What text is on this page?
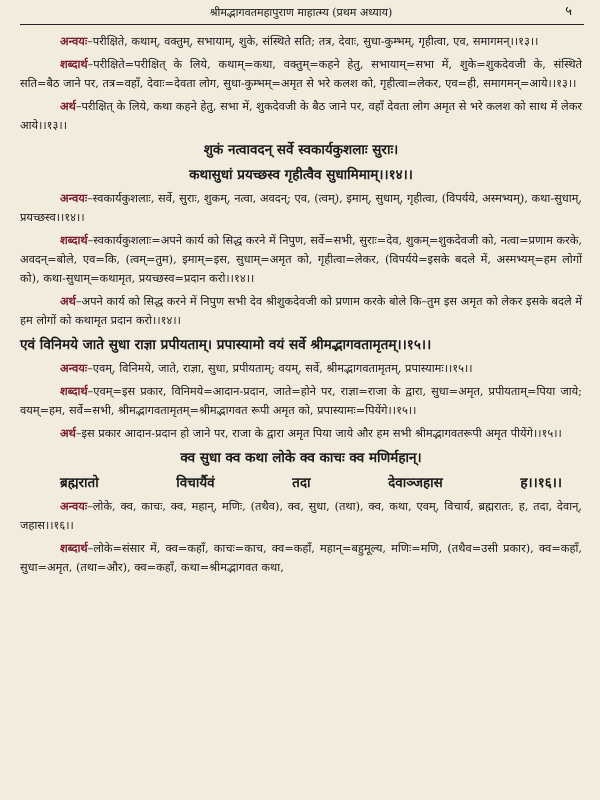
श्रीमद्भागवतमहापुराण माहात्म्य (प्रथम अध्याय)	५

अन्वयः–परीक्षिते, कथाम्, वक्तुम्, सभायाम्, शुके, संस्थिते सति; तत्र, देवाः, सुधा-कुम्भम्, गृहीत्वा, एव, समागमन्।।१३।।

शब्दार्थ–परीक्षिते=परीक्षित् के लिये, कथाम्=कथा, वक्तुम्=कहने हेतु, सभायाम्=सभा में, शुके=शुकदेवजी के, संस्थिते सति=बैठ जाने पर, तत्र=वहाँ, देवाः=देवता लोग, सुधा-कुम्भम्=अमृत से भरे कलश को, गृहीत्वा=लेकर, एव=ही, समागमन्=आये।।१३।।

अर्थ–परीक्षित् के लिये, कथा कहने हेतु, सभा में, शुकदेवजी के बैठ जाने पर, वहाँ देवता लोग अमृत से भरे कलश को साथ में लेकर आये।।१३।।

शुकं नत्वावदन् सर्वे स्वकार्यकुशलाः सुराः।
कथासुधां प्रयच्छस्व गृहीत्वैव सुधामिमाम्।।१४।।

अन्वयः–स्वकार्यकुशलाः, सर्वे, सुराः, शुकम्, नत्वा, अवदन्; एव, (त्वम्), इमाम्, सुधाम्, गृहीत्वा, (विपर्यये, अस्मभ्यम्), कथा-सुधाम्, प्रयच्छस्व।।१४।।

शब्दार्थ–स्वकार्यकुशलाः=अपने कार्य को सिद्ध करने में निपुण, सर्वे=सभी, सुराः=देव, शुकम्=शुकदेवजी को, नत्वा=प्रणाम करके, अवदन्=बोले, एव=कि, (त्वम्=तुम), इमाम्=इस, सुधाम्=अमृत को, गृहीत्वा=लेकर, (विपर्यये=इसके बदले में, अस्मभ्यम्=हम लोगों को), कथा-सुधाम्=कथामृत, प्रयच्छस्व=प्रदान करो।।१४।।

अर्थ–अपने कार्य को सिद्ध करने में निपुण सभी देव श्रीशुकदेवजी को प्रणाम करके बोले कि–तुम इस अमृत को लेकर इसके बदले में हम लोगों को कथामृत प्रदान करो।।१४।।

एवं विनिमये जाते सुधा राज्ञा प्रपीयताम्। प्रपास्यामो वयं सर्वे श्रीमद्भागवतामृतम्।।१५।।

अन्वयः–एवम्, विनिमये, जाते, राज्ञा, सुधा, प्रपीयताम्; वयम्, सर्वे, श्रीमद्भागवतामृतम्, प्रपास्यामः।।१५।।

शब्दार्थ–एवम्=इस प्रकार, विनिमये=आदान-प्रदान, जाते=होने पर, राज्ञा=राजा के द्वारा, सुधा=अमृत, प्रपीयताम्=पिया जाये; वयम्=हम, सर्वे=सभी, श्रीमद्भागवतामृतम्=श्रीमद्भागवत रूपी अमृत को, प्रपास्यामः=पियेंगे।।१५।।

अर्थ–इस प्रकार आदान-प्रदान हो जाने पर, राजा के द्वारा अमृत पिया जाये और हम सभी श्रीमद्भागवतरूपी अमृत पीयेंगे।।१५।।

क्व सुधा क्व कथा लोके क्व काचः क्व मणिर्महान्।
ब्रह्मरातो विचार्यैवं तदा देवाञ्जहास ह।।१६।।

अन्वयः–लोके, क्व, काचः, क्व, महान्, मणिः, (तथैव), क्व, सुधा, (तथा), क्व, कथा, एवम्, विचार्य, ब्रह्मरातः, ह, तदा, देवान्, जहास।।१६।।

शब्दार्थ–लोके=संसार में, क्व=कहाँ, काचः=काच, क्व=कहाँ, महान्=बहुमूल्य, मणिः=मणि, (तथैव=उसी प्रकार), क्व=कहाँ, सुधा=अमृत, (तथा=और), क्व=कहाँ, कथा=श्रीमद्भागवत कथा,
